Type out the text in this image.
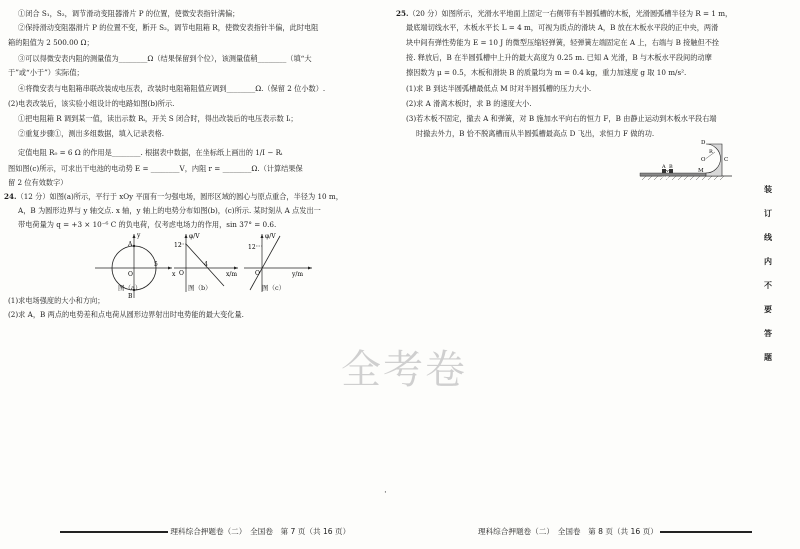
①闭合 S₁，S₂，调节滑动变阻器滑片 P 的位置，使微安表指针满偏；
②保持滑动变阻器滑片 P 的位置不变，断开 S₂，调节电阻箱 R，使微安表指针半偏，此时电阻
箱的阻值为 2 500.00 Ω；
③可以得微安表内阻的测量值为________Ω（结果保留到个位），该测量值稍________（填“大
于”或“小于”）实际值；
④将微安表与电阻箱串联改装成电压表，改装时电阻箱阻值应调到________Ω.（保留 2 位小数）.
(2)电表改装后，该实验小组设计的电路如图(b)所示.
①把电阻箱 R 调到某一值，读出示数 Rᵢ，开关 S 闭合时，得出改装后的电压表示数 Iᵢ；
②重复步骤①，测出多组数据，填入记录表格.
定值电阻 R₀ = 6 Ω 的作用是________. 根据表中数据，在坐标纸上画出的 1/I − Rᵢ
图如图(c)所示，可求出干电池的电动势 E = ________V，内阻 r = ________Ω.（计算结果保
留 2 位有效数字）
24.（12 分）如图(a)所示，平行于 xOy 平面有一匀强电场，圆形区域的圆心与原点重合，半径为 10 m，
A，B 为圆形边界与 y 轴交点. x 轴，y 轴上的电势分布如图(b)，(c)所示. 某时刻从 A 点发出一
带电荷量为 q = +3 × 10⁻⁶ C 的负电荷，仅考虑电场力的作用，sin 37° = 0.6.
y
A
O
5
x
B
φ/V
12
O
4
x/m
φ/V
12
O	y/m
图（a）	图（b）	图（c）
(1)求电场强度的大小和方向；
(2)求 A，B 两点的电势差和点电荷从圆形边界射出时电势能的最大变化量.
理科综合押题卷（二）　全国卷　第 7 页（共 16 页）
·
25.（20 分）如图所示，光滑水平地面上固定一右侧带有半圆弧槽的木板，光滑圆弧槽半径为 R = 1 m，
最底端切线水平，木板水平长 L = 4 m，可视为质点的滑块 A，B 放在木板水平段的正中央，两滑
块中间有弹性势能为 E = 10 J 的微型压缩轻弹簧，轻弹簧左端固定在 A 上，右端与 B 接触但不拴
接. 释放后，B 在半圆弧槽中上升的最大高度为 0.25 m. 已知 A 光滑，B 与木板水平段间的动摩
擦因数为 μ = 0.5，木板和滑块 B 的质量均为 m = 0.4 kg，重力加速度 g 取 10 m/s².
(1)求 B 到达半圆弧槽最低点 M 时对半圆弧槽的压力大小.
(2)求 A 滑离木板时，求 B 的速度大小.
(3)若木板不固定，撤去 A 和弹簧，对 B 施加水平向右的恒力 F，B 由静止运动到木板水平段右端
时撤去外力，B 恰不脱离槽而从半圆弧槽最高点 D 飞出，求恒力 F 做的功.
D
R
O	C
A B
M
弹簧
理科综合押题卷（二）　全国卷　第 8 页（共 16 页）
装
订
线
内
不
要
答
题
全考卷
